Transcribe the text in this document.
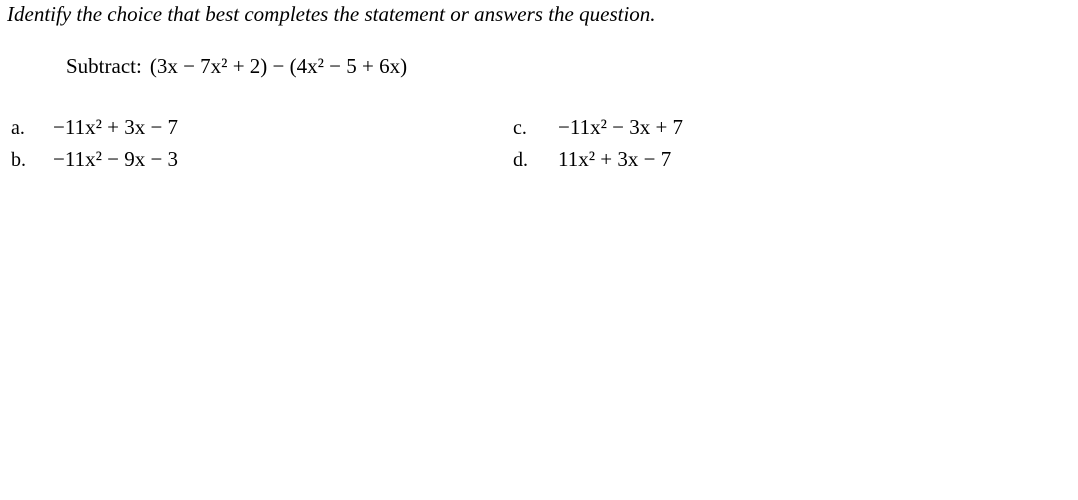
Identify the choice that best completes the statement or answers the question.
Subtract: (3x − 7x² + 2) − (4x² − 5 + 6x)
a. −11x² + 3x − 7
b. −11x² − 9x − 3
c. −11x² − 3x + 7
d. 11x² + 3x − 7
